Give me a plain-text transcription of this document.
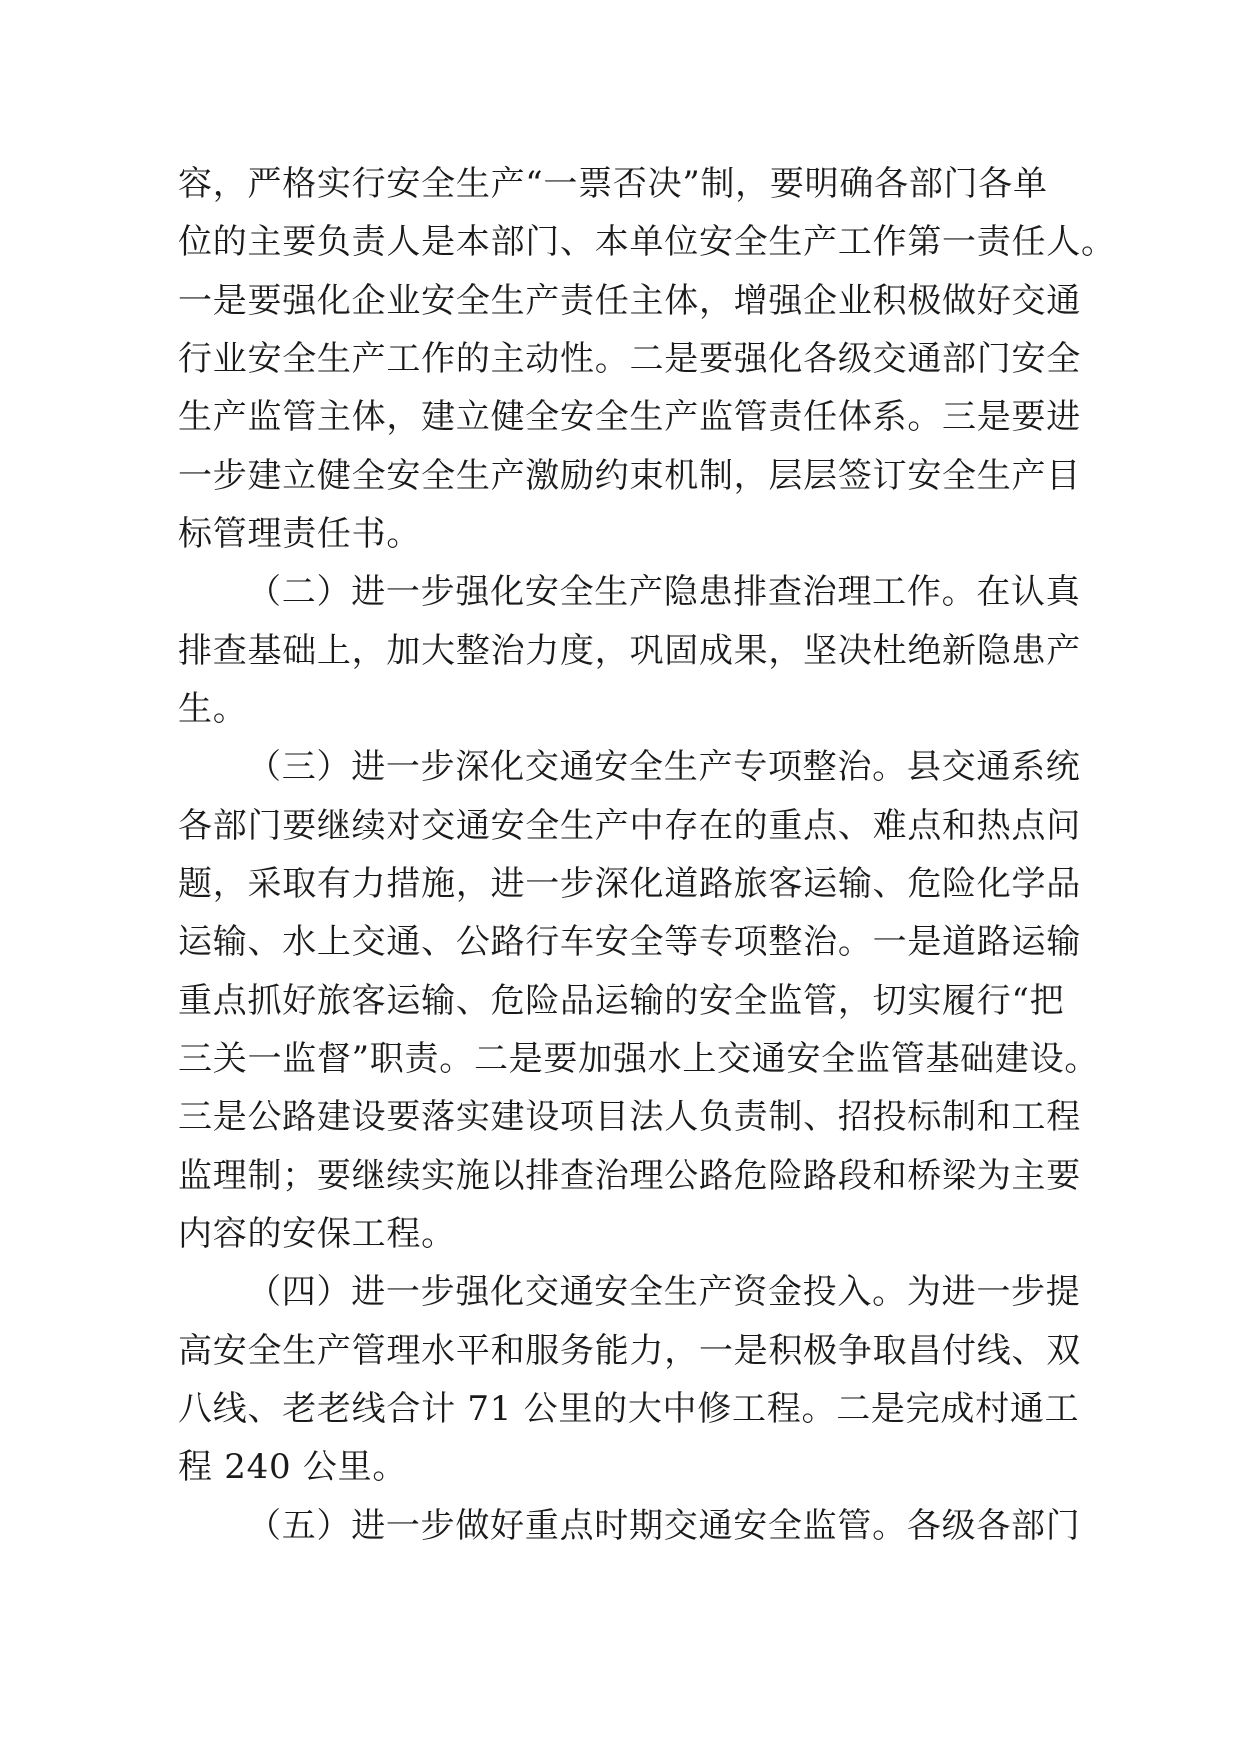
容，严格实行安全生产“一票否决”制，要明确各部门各单
位的主要负责人是本部门、本单位安全生产工作第一责任人。
一是要强化企业安全生产责任主体，增强企业积极做好交通
行业安全生产工作的主动性。二是要强化各级交通部门安全
生产监管主体，建立健全安全生产监管责任体系。三是要进
一步建立健全安全生产激励约束机制，层层签订安全生产目
标管理责任书。
（二）进一步强化安全生产隐患排查治理工作。在认真
排查基础上，加大整治力度，巩固成果，坚决杜绝新隐患产
生。
（三）进一步深化交通安全生产专项整治。县交通系统
各部门要继续对交通安全生产中存在的重点、难点和热点问
题，采取有力措施，进一步深化道路旅客运输、危险化学品
运输、水上交通、公路行车安全等专项整治。一是道路运输
重点抓好旅客运输、危险品运输的安全监管，切实履行“把
三关一监督”职责。二是要加强水上交通安全监管基础建设。
三是公路建设要落实建设项目法人负责制、招投标制和工程
监理制；要继续实施以排查治理公路危险路段和桥梁为主要
内容的安保工程。
（四）进一步强化交通安全生产资金投入。为进一步提
高安全生产管理水平和服务能力，一是积极争取昌付线、双
八线、老老线合计 71 公里的大中修工程。二是完成村通工
程 240 公里。
（五）进一步做好重点时期交通安全监管。各级各部门
